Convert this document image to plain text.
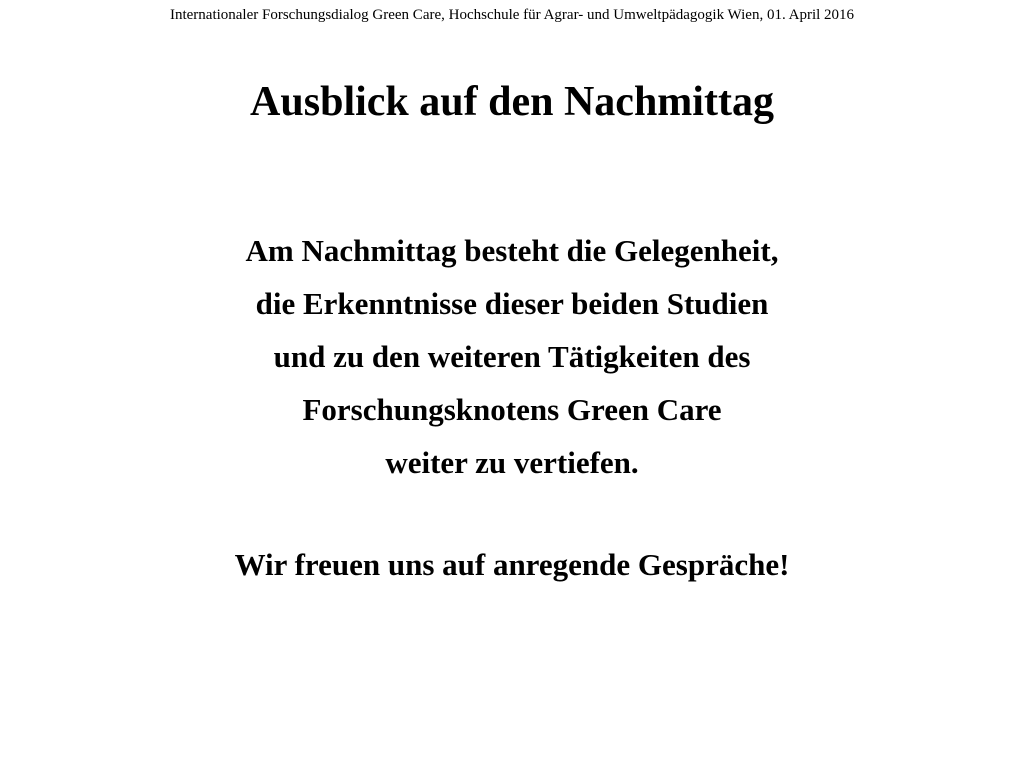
Internationaler Forschungsdialog Green Care, Hochschule für Agrar- und Umweltpädagogik Wien, 01. April 2016
Ausblick auf den Nachmittag
Am Nachmittag besteht die Gelegenheit,
die Erkenntnisse dieser beiden Studien
und zu den weiteren Tätigkeiten des
Forschungsknotens Green Care
weiter zu vertiefen.
Wir freuen uns auf anregende Gespräche!
